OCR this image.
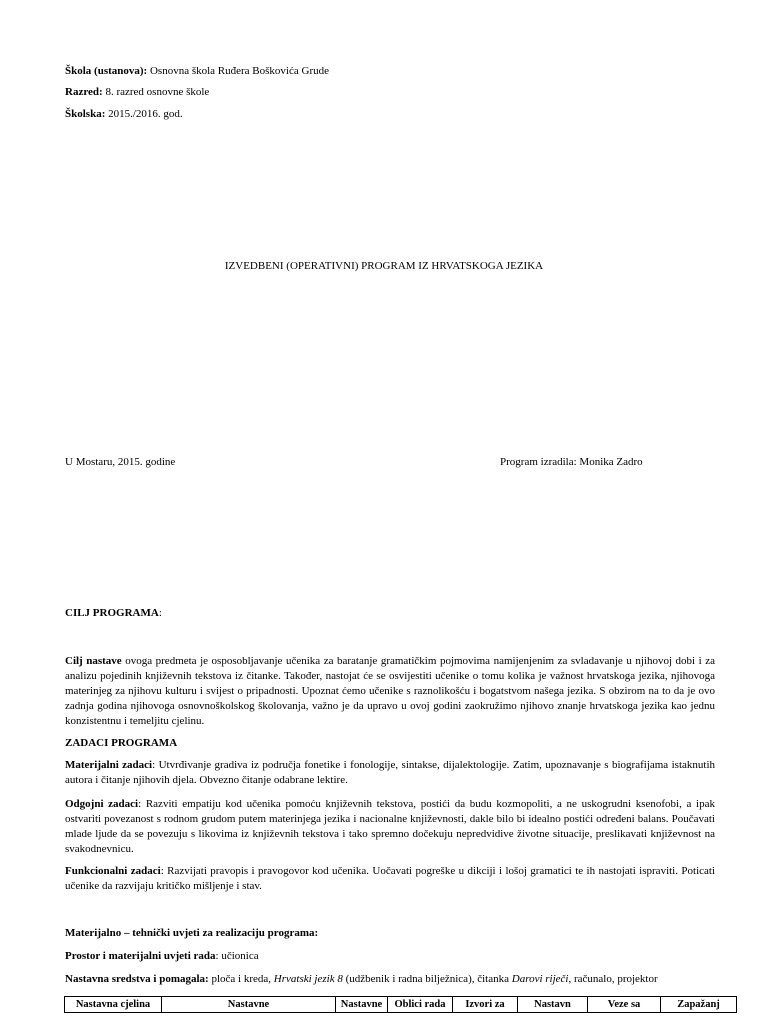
Škola (ustanova): Osnovna škola Ruđera Boškovića Grude
Razred: 8. razred osnovne škole
Školska: 2015./2016. god.
IZVEDBENI (OPERATIVNI) PROGRAM IZ HRVATSKOGA JEZIKA
U Mostaru, 2015. godine	Program izradila: Monika Zadro
CILJ PROGRAMA:
Cilj nastave ovoga predmeta je osposobljavanje učenika za baratanje gramatičkim pojmovima namijenjenim za svladavanje u njihovoj dobi i za analizu pojedinih književnih tekstova iz čitanke. Također, nastojat će se osvijestiti učenike o tomu kolika je važnost hrvatskoga jezika, njihovoga materinjeg za njihovu kulturu i svijest o pripadnosti. Upoznat ćemo učenike s raznolikošću i bogatstvom našega jezika. S obzirom na to da je ovo zadnja godina njihovoga osnovnoškolskog školovanja, važno je da upravo u ovoj godini zaokružimo njihovo znanje hrvatskoga jezika kao jednu konzistentnu i temeljitu cjelinu.
ZADACI PROGRAMA
Materijalni zadaci: Utvrđivanje gradiva iz područja fonetike i fonologije, sintakse, dijalektologije. Zatim, upoznavanje s biografijama istaknutih autora i čitanje njihovih djela. Obvezno čitanje odabrane lektire.
Odgojni zadaci: Razviti empatiju kod učenika pomoću književnih tekstova, postići da budu kozmopoliti, a ne uskogrudni ksenofobi, a ipak ostvariti povezanost s rodnom grudom putem materinjega jezika i nacionalne književnosti, dakle bilo bi idealno postići određeni balans. Poučavati mlade ljude da se povezuju s likovima iz književnih tekstova i tako spremno dočekuju nepredvidive životne situacije, preslikavati književnost na svakodnevnicu.
Funkcionalni zadaci: Razvijati pravopis i pravogovor kod učenika. Uočavati pogreške u dikciji i lošoj gramatici te ih nastojati ispraviti. Poticati učenike da razvijaju kritičko mišljenje i stav.
Materijalno – tehnički uvjeti za realizaciju programa:
Prostor i materijalni uvjeti rada: učionica
Nastavna sredstva i pomagala: ploča i kreda, Hrvatski jezik 8 (udžbenik i radna bilježnica), čitanka Darovi riječi, računalo, projektor
Nastavna cjelina	Nastavne	Nastavne	Oblici rada	Izvori za	Nastavn	Veze sa	Zapažanj
